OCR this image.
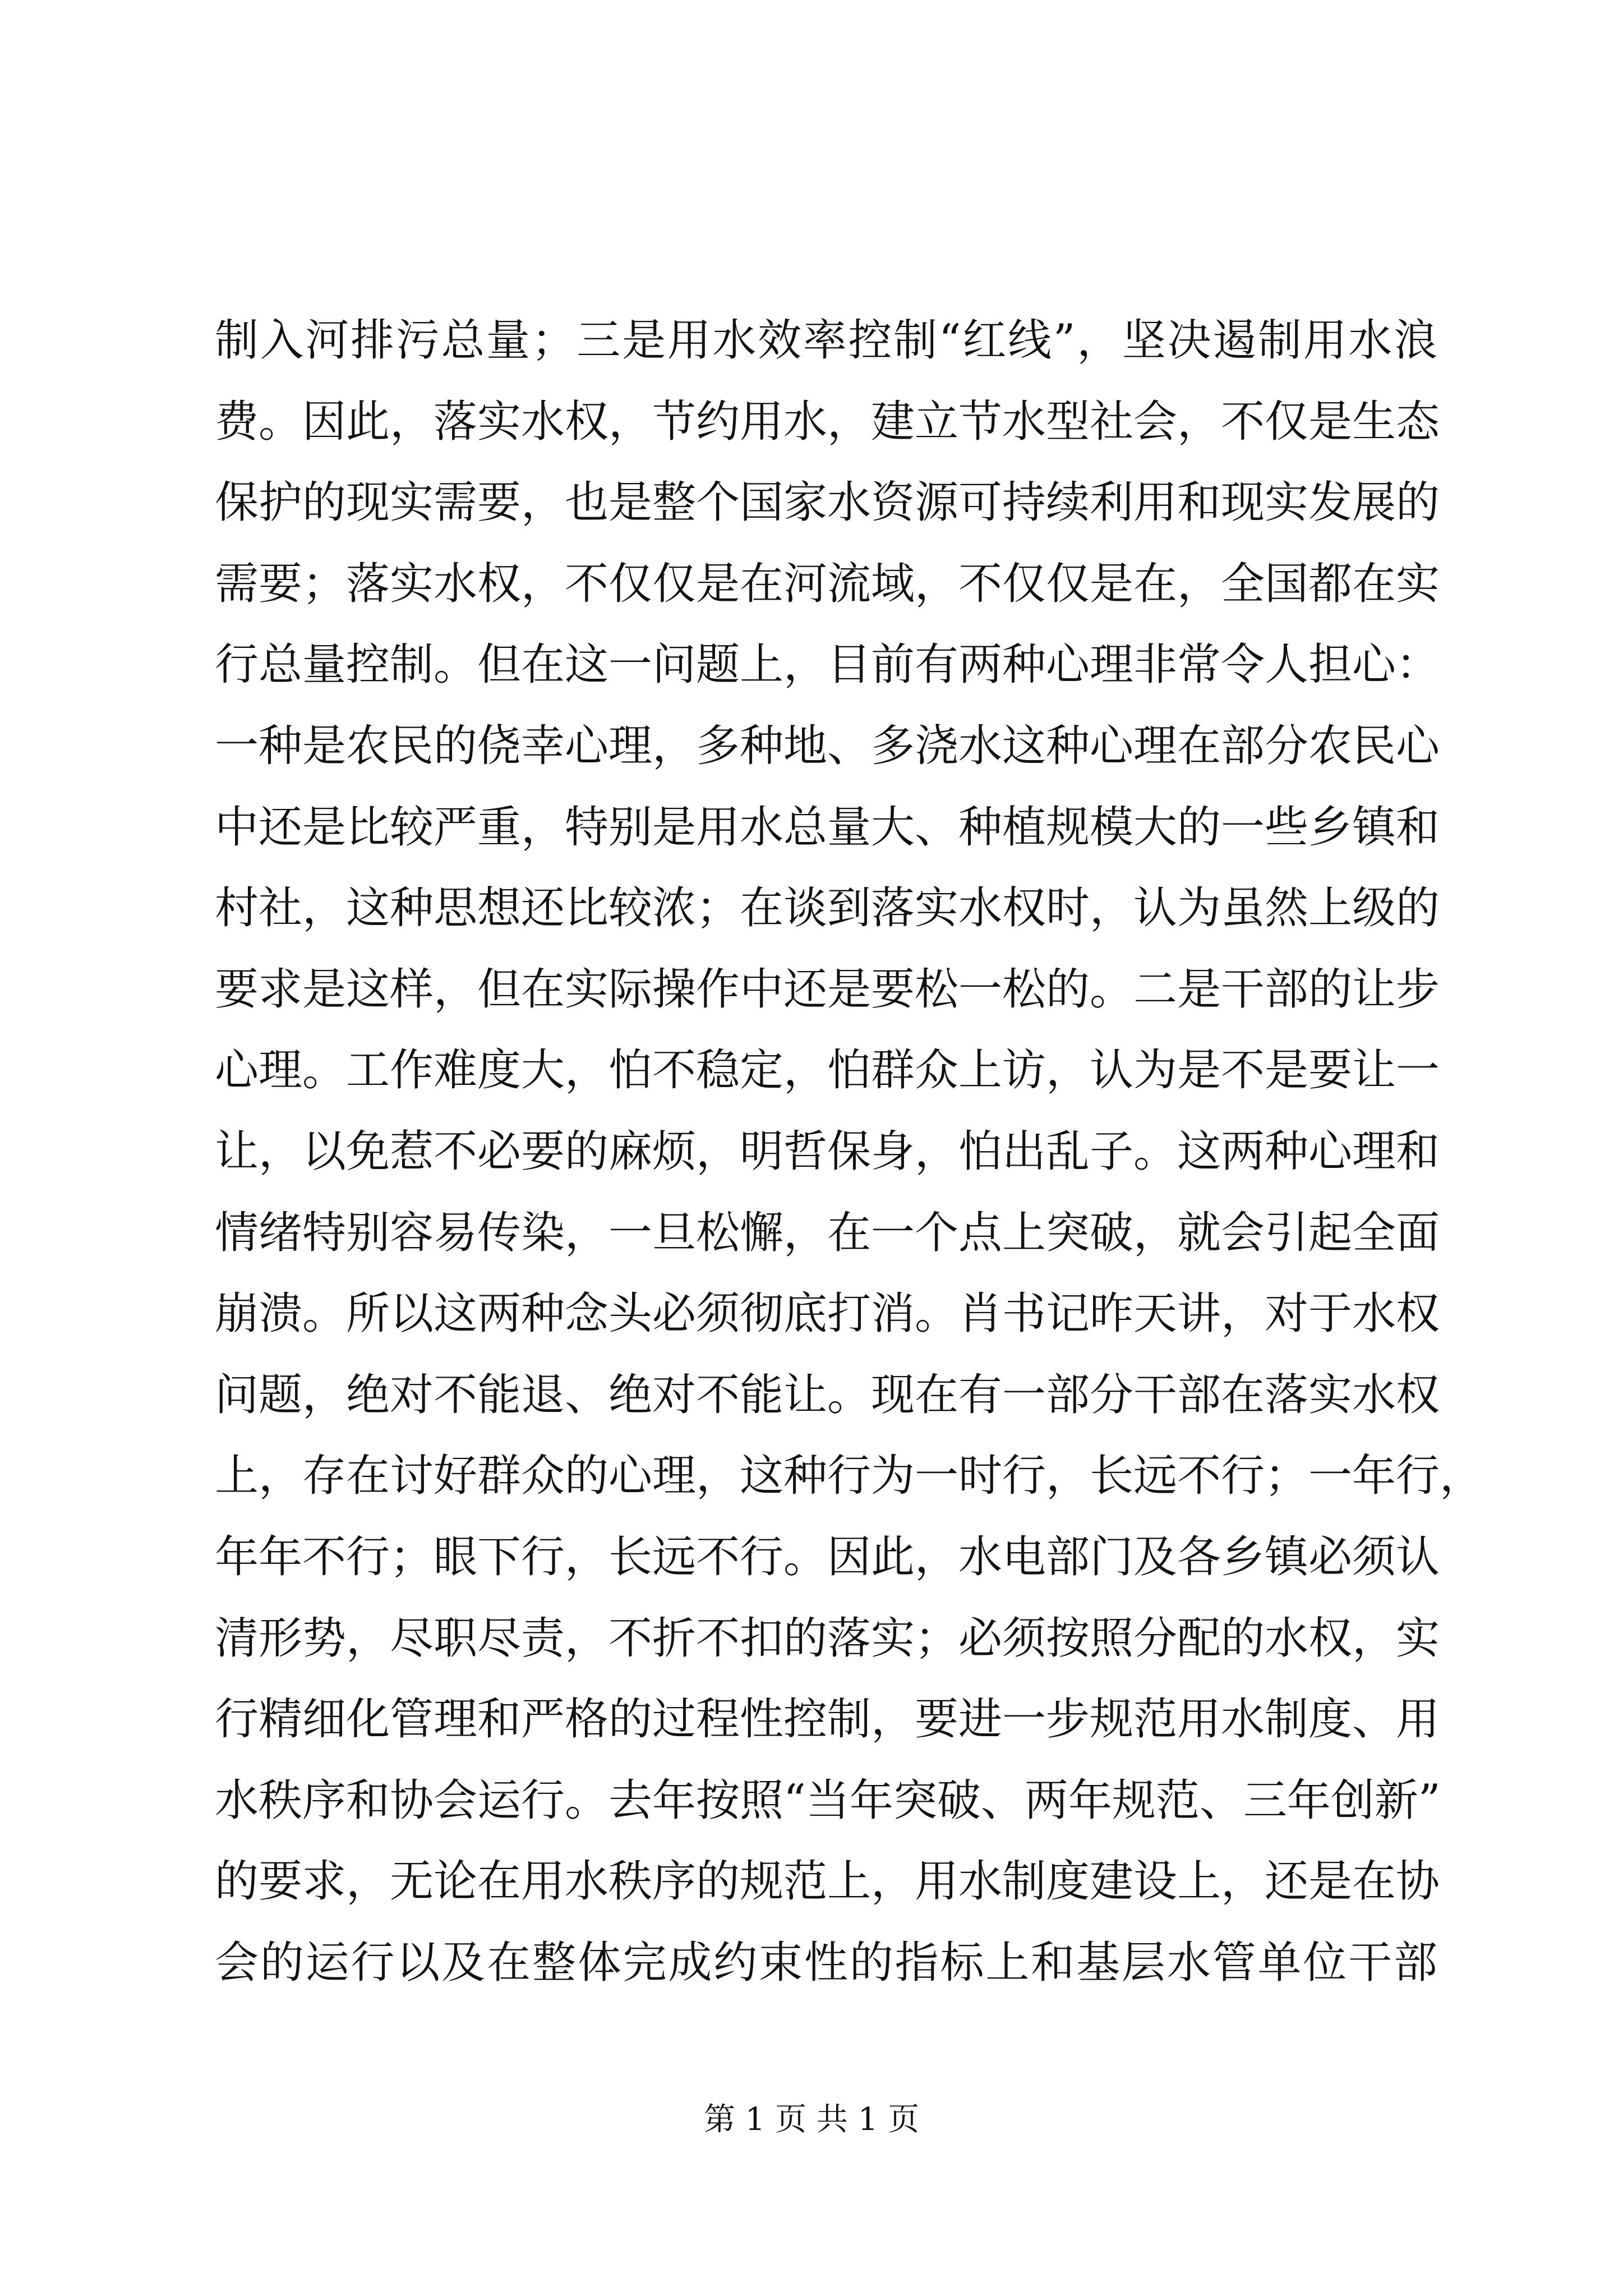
制入河排污总量；三是用水效率控制“红线”，坚决遏制用水浪
费。因此，落实水权，节约用水，建立节水型社会，不仅是生态
保护的现实需要，也是整个国家水资源可持续利用和现实发展的
需要；落实水权，不仅仅是在河流域，不仅仅是在，全国都在实
行总量控制。但在这一问题上，目前有两种心理非常令人担心：
一种是农民的侥幸心理，多种地、多浇水这种心理在部分农民心
中还是比较严重，特别是用水总量大、种植规模大的一些乡镇和
村社，这种思想还比较浓；在谈到落实水权时，认为虽然上级的
要求是这样，但在实际操作中还是要松一松的。二是干部的让步
心理。工作难度大，怕不稳定，怕群众上访，认为是不是要让一
让，以免惹不必要的麻烦，明哲保身，怕出乱子。这两种心理和
情绪特别容易传染，一旦松懈，在一个点上突破，就会引起全面
崩溃。所以这两种念头必须彻底打消。肖书记昨天讲，对于水权
问题，绝对不能退、绝对不能让。现在有一部分干部在落实水权
上，存在讨好群众的心理，这种行为一时行，长远不行；一年行，
年年不行；眼下行，长远不行。因此，水电部门及各乡镇必须认
清形势，尽职尽责，不折不扣的落实；必须按照分配的水权，实
行精细化管理和严格的过程性控制，要进一步规范用水制度、用
水秩序和协会运行。去年按照“当年突破、两年规范、三年创新”
的要求，无论在用水秩序的规范上，用水制度建设上，还是在协
会的运行以及在整体完成约束性的指标上和基层水管单位干部
第 1 页 共 1 页
